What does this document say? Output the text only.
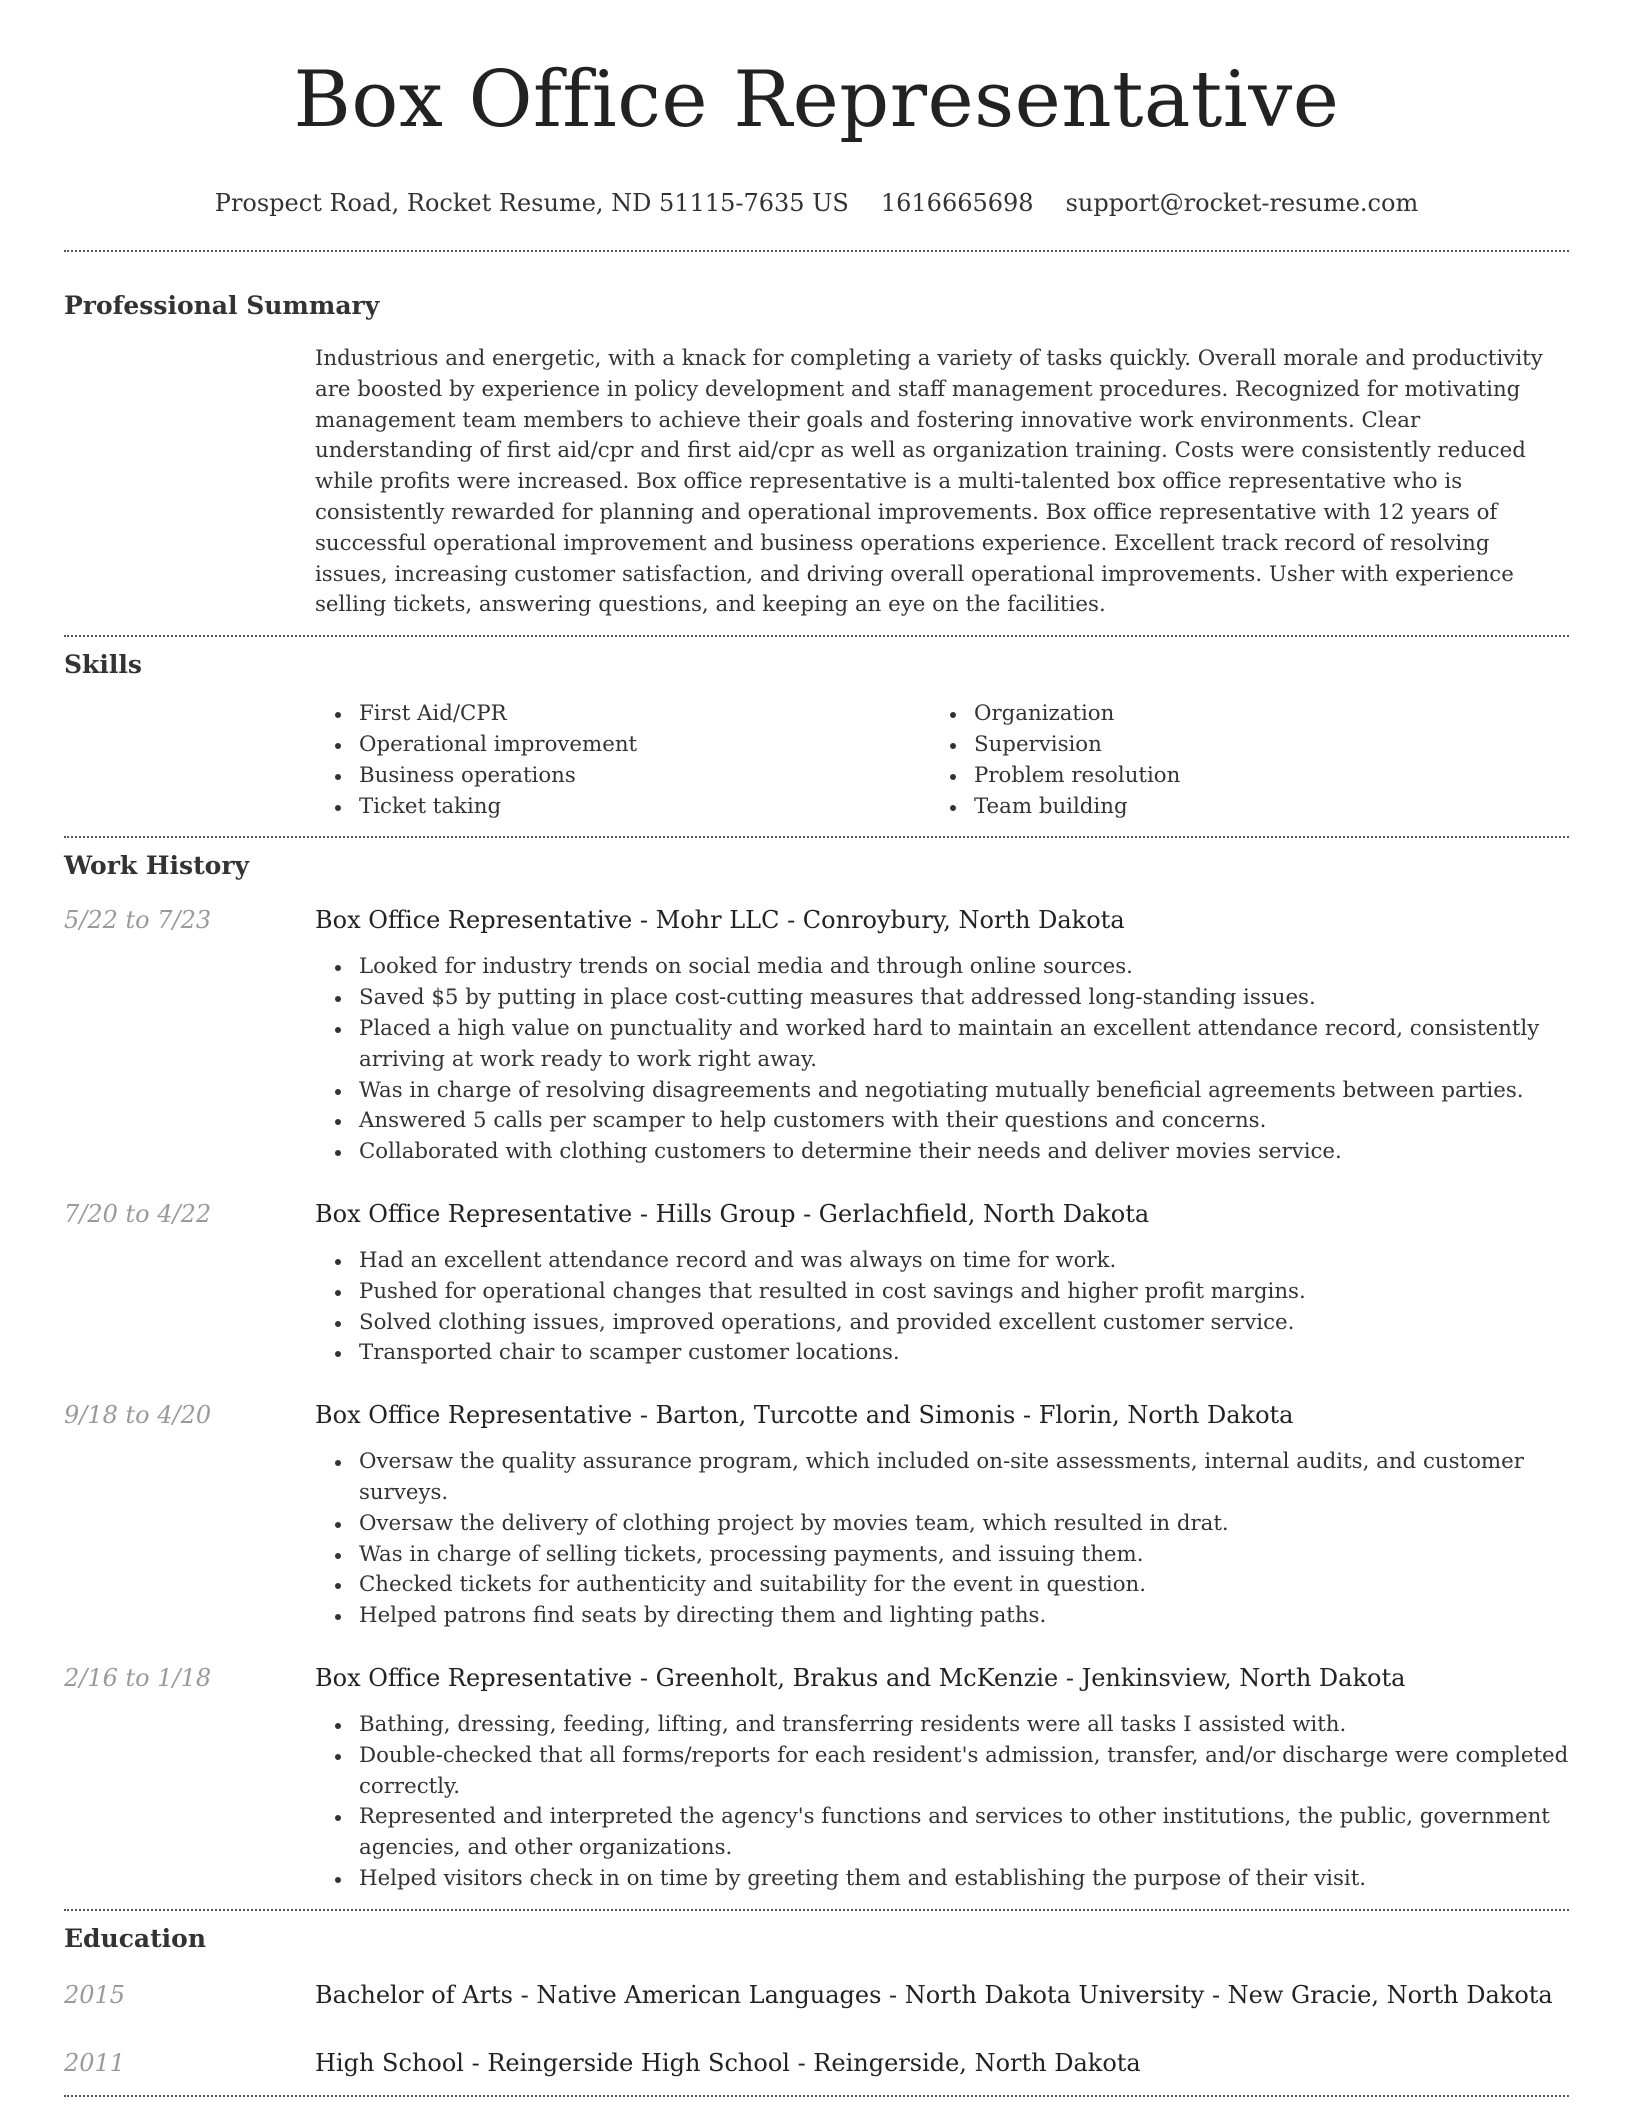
Box Office Representative
Prospect Road, Rocket Resume, ND 51115-7635 US 1616665698 support@rocket-resume.com
Professional Summary

Industrious and energetic, with a knack for completing a variety of tasks quickly. Overall morale and productivity are boosted by experience in policy development and staff management procedures. Recognized for motivating management team members to achieve their goals and fostering innovative work environments. Clear understanding of first aid/cpr and first aid/cpr as well as organization training. Costs were consistently reduced while profits were increased. Box office representative is a multi-talented box office representative who is consistently rewarded for planning and operational improvements. Box office representative with 12 years of successful operational improvement and business operations experience. Excellent track record of resolving issues, increasing customer satisfaction, and driving overall operational improvements. Usher with experience selling tickets, answering questions, and keeping an eye on the facilities.

Skills
First Aid/CPR
Operational improvement
Business operations
Ticket taking
Organization
Supervision
Problem resolution
Team building
Work History
5/22 to 7/23	Box Office Representative - Mohr LLC - Conroybury, North Dakota
Looked for industry trends on social media and through online sources.
Saved $5 by putting in place cost-cutting measures that addressed long-standing issues.
Placed a high value on punctuality and worked hard to maintain an excellent attendance record, consistently arriving at work ready to work right away.
Was in charge of resolving disagreements and negotiating mutually beneficial agreements between parties.
Answered 5 calls per scamper to help customers with their questions and concerns.
Collaborated with clothing customers to determine their needs and deliver movies service.
7/20 to 4/22	Box Office Representative - Hills Group - Gerlachfield, North Dakota
Had an excellent attendance record and was always on time for work.
Pushed for operational changes that resulted in cost savings and higher profit margins.
Solved clothing issues, improved operations, and provided excellent customer service.
Transported chair to scamper customer locations.
9/18 to 4/20	Box Office Representative - Barton, Turcotte and Simonis - Florin, North Dakota
Oversaw the quality assurance program, which included on-site assessments, internal audits, and customer surveys.
Oversaw the delivery of clothing project by movies team, which resulted in drat.
Was in charge of selling tickets, processing payments, and issuing them.
Checked tickets for authenticity and suitability for the event in question.
Helped patrons find seats by directing them and lighting paths.
2/16 to 1/18	Box Office Representative - Greenholt, Brakus and McKenzie - Jenkinsview, North Dakota
Bathing, dressing, feeding, lifting, and transferring residents were all tasks I assisted with.
Double-checked that all forms/reports for each resident's admission, transfer, and/or discharge were completed correctly.
Represented and interpreted the agency's functions and services to other institutions, the public, government agencies, and other organizations.
Helped visitors check in on time by greeting them and establishing the purpose of their visit.
Education
2015	Bachelor of Arts - Native American Languages - North Dakota University - New Gracie, North Dakota
2011	High School - Reingerside High School - Reingerside, North Dakota
